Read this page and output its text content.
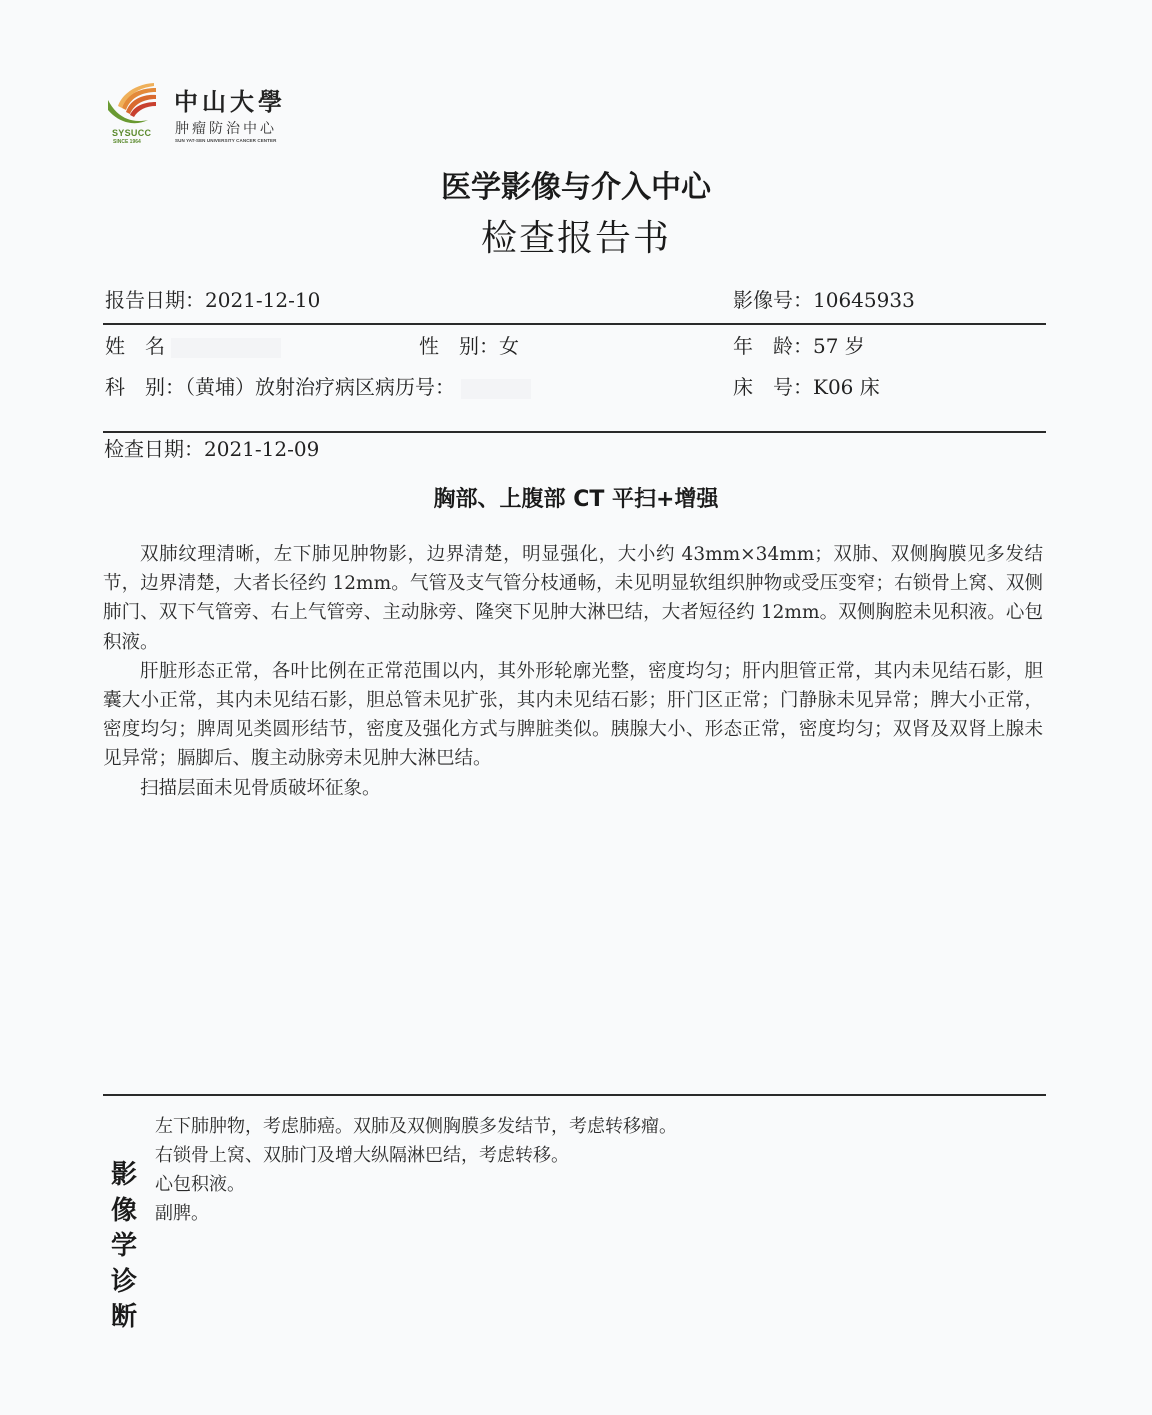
SYSUCC
SINCE 1964
中山大學
肿瘤防治中心
SUN YAT-SEN UNIVERSITY CANCER CENTER
医学影像与介入中心
检查报告书
报告日期：2021-12-10	影像号：10645933
姓　名	性　别：女	年　龄：57 岁
科　别：（黄埔）放射治疗病区病历号：	床　号：K06 床
检查日期：2021-12-09
胸部、上腹部 CT 平扫+增强

双肺纹理清晰，左下肺见肿物影，边界清楚，明显强化，大小约 43mm×34mm；双肺、双侧胸膜见多发结节，边界清楚，大者长径约 12mm。气管及支气管分枝通畅，未见明显软组织肿物或受压变窄；右锁骨上窝、双侧肺门、双下气管旁、右上气管旁、主动脉旁、隆突下见肿大淋巴结，大者短径约 12mm。双侧胸腔未见积液。心包积液。

肝脏形态正常，各叶比例在正常范围以内，其外形轮廓光整，密度均匀；肝内胆管正常，其内未见结石影，胆囊大小正常，其内未见结石影，胆总管未见扩张，其内未见结石影；肝门区正常；门静脉未见异常；脾大小正常，密度均匀；脾周见类圆形结节，密度及强化方式与脾脏类似。胰腺大小、形态正常，密度均匀；双肾及双肾上腺未见异常；膈脚后、腹主动脉旁未见肿大淋巴结。

扫描层面未见骨质破坏征象。

左下肺肿物，考虑肺癌。双肺及双侧胸膜多发结节，考虑转移瘤。
右锁骨上窝、双肺门及增大纵隔淋巴结，考虑转移。
心包积液。
副脾。
影
像
学
诊
断
